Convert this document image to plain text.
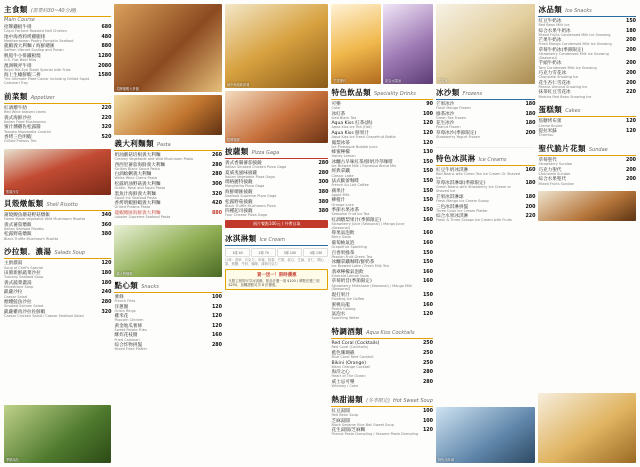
主食類 (需要約30~40分鐘)
Main Course
招牌鐵板牛排
Cajun Fortune Roasted Half Chicken
680
地中海香料烤雞腿排
Mediterranean Poetry Pumpkin Seafood
480
龍蝦義大利麵 / 海鮮總匯
Saffron Vibrant Scallop and Prawn
880
帆船牛小排鐵板燒
U.S. Flat Beef Ribs
1280
澳洲戰斧牛排
Royal Rib-Eye Steak Special with Fries
2080
海上生蠔鮮蝦二拼
The Ultimate Plate Caviar including Grilled Squid Calamari Tray
1580
前菜類 Appetizer
紅酒燉牛肋
Red Wine braised clams
220
義式海鮮沙拉
Italian Fried Mushrooms
220
蜜汁燻雞佐松露醬
Tomato Mozzarella Crostini
320
香烤三色明蝦
Grilled Prawns Trio
520
凱薩沙拉
貝殼燉飯類 Shell Risotto
蒲燒鰻魚蘑菇野菇燉飯
Home Made Vegetable Wild Mushroom Risotto
340
義式蕃茄燉飯
Italian Seafood Risotto
360
松露野菇燉飯
Black Truffle Mushroom Risotto
380
沙拉類．濃湯 Salads Soup
主廚濃湯
Soup of Chef's Special
120
田園新鮮蔬菜沙拉
Tuscany Seafood Soup
180
義式蔬菜濃湯
Minestrone Soup
180
凱薩沙拉
Caesar Salad
240
煙燻鮭魚沙拉
Smoked Salmon Salad
280
凱薩雞肉沙拉佐鮮蝦
Caesar Chicken Salad / Caesar Seafood Salad
320
季節湯品
招牌龍蝦大拼盤
義大利麵類 Pasta
奶油蘑菇培根義大利麵
Creamy Vegetable and Wild Mushroom Pasta
260
西西里蕃茄海鮮義大利麵
Sicilian Black Sauce Pasta
280
白酒蛤蜊義大利麵
White Wine Clams Pasta
280
松露奶油野菇義大利麵
Gratin, Rose and Squid Pasta
300
墨魚汁海鮮義大利麵
Squid Ink Seafood Pasta
320
香烤明蝦鮮蝦義大利麵
Grilled Prawns Pasta
420
龍蝦總匯海鮮義大利麵
Lobster Supreme Seafood Pasta
880
義大利麵類
點心類 Snacks
薯條
French Fries
100
洋蔥圈
Onion Rings
120
雞米花
Popcorn Chicken
120
黃金地瓜薯條
Sweet Potato Fries
120
酥炸花枝圈
Fried Calamari
160
綜合炸物拼盤
Mixed Fried Platter
280
地中海風味套餐
招牌披薩
披薩類 Pizza Gaga
義式香腸蕃茄披薩
Italian Smoked Chicken Pizza Gaga
280
夏威夷風味披薩
Italian Vegetable Pizza Gaga
280
瑪格麗特披薩
Margherita Pizza Gaga
300
海鮮總匯披薩
Seafood Supreme Pizza Gaga
380
松露野菇披薩
Black Truffle Mushroom Pizza
380
四種起司披薩
Four Cheese Pizza Gaga
380
兩片餐點100元 / 外帶自取
冰淇淋類 Ice Cream
1球 40	2球 70	3球 100	4球 130
口味：香草、巧克力、草莓、抹茶、芒果、綜合、芝麻、杏仁、開心果、焦糖、牛奶、咖啡、薄荷巧克力
買一送一！限時優惠
凡點主餐即可享冰淇淋、飲品任選一項 $100 / 單點任選三項 $250，加購甜點另享 8 折優惠。
芒果聖代	綜合水果冰
特色飲品類 Speciality Drinks
可樂
Coke
90
冰紅茶
Iced Black Tea
100
Aqua Kiss 紅茶(熱)
Aqua Kiss Ice Tea (Hot)
120
Aqua Kiss 鮮果汁
Aqua Kiss Ice Fresh Grapefruit Bottle
120
鳳梨冰茶
Ice Pineapple Bubble Juice
120
蜂蜜檸檬
Honey Lemon
130
冰釀古早味紅茶/鮮奶冷萃咖啡
Ice Brewed Milk / Espresso Blend Mix
150
經典拿鐵
Classic Latte
150
法式歐蕾咖啡
French Au Lait Coffee
150
蘋果汁
Apple Milk
150
柳橙汁
Orange Juice
150
季節水果冰茶
Seasonal Fruit Ice Tea
150
紅酒燉梨果汁(季節限定)
Strawberry Juice (Seasonal) / Mango Juice (Seasonal)
160
莓果氣泡飲
Berry Soda
160
葡萄柚氣泡
Grapefruit Sparkling
160
百香果綠茶
Passion Fruit Green Tea
150
冰釀拿鐵咖啡/鮮奶茶
Ice Brewed Latte / Fresh Milk Tea
150
翡翠檸檬氣泡飲
Emerald Lemon Soda
160
草莓奶昔(季節限定)
Strawberry Milkshake (Seasonal) / Mango Milk (Seasonal)
160
現打果汁
Floating Ice Coffee
150
蜜桃烏龍
Peach Oolong
160
氣泡水
Sparkling Water
120
特調酒類 Aqua Kiss Cocktails
Red Coral (Cocktails)
Red Coral (Cocktails)
250
藍色珊瑚礁
Blue Coral Reef Cocktail
250
Bikini (Orange)
Bikini Orange Cocktail
250
海洋之心
Heart of The Ocean
280
威士忌可樂
Whiskey / Coke
280
熱甜湯類 (冬季限定) Hot Sweet Soup
紅豆湯圓
Red Bean Soup
100
芝麻湯圓
Black Sesame Rice Ball Sweet Soup
100
花生湯圓/芝麻糊
Peanut Paste Dumpling / Sesame Paste Dumpling
120
雪花冰
冰沙類 Frozens
芒果冰沙
Fresh Mango Frozen
180
綠茶冰沙
Green Tea Frozen
180
花生冰沙
Peanut Frozen
180
草莓冰沙(季節限定)
Strawberry Yogurt Frozen
200
特色冰淇淋 Ice Creams
紅豆牛奶冰淇淋
Red Beans with Green Tea Ice Cream Or Shaved Ice
160
草莓冰淇淋球(季節限定)
Green Beans with Strawberry Ice Cream or Shaved Ice
180
芒果冰淇淋球
Fresh Mango Ice Cream Scoop
180
三色冰淇淋拼盤
Three Color Ice Cream Platter
200
綜合水果冰淇淋
Fresh & Three Scoops Ice Cream with Fruits
220
特色冰淇淋
冰品類 Ice Snacks
紅豆牛奶冰
Red Bean Milk Ice
150
綜合水果牛奶冰
Mixed Fruits Condensed Milk Ice Snowing
180
芒果牛奶冰
Fresh Mango Condensed Milk Ice Snowing
200
草莓牛奶冰(季節限定)
Strawberry Condensed Milk Ice Snowing (Seasonal)
200
芋頭牛奶冰
Taro Condensed Milk Ice Snowing
200
巧克力雪花冰
Chocolate Snowing Ice
200
花生杏仁雪花冰
Peanut Almond Snowing Ice
200
抹茶紅豆雪花冰
Matcha Red Bean Snowing Ice
220
蛋糕類 Cakes
焦糖烤布蕾
Creme Brulee
120
提拉米蘇
Tiramisu
120
聖代脆片花類 Sundae
草莓聖代
Strawberry Sundae
200
巧克力聖代
Chocolate Sundae
200
綜合水果聖代
Mixed Fruits Sundae
200
